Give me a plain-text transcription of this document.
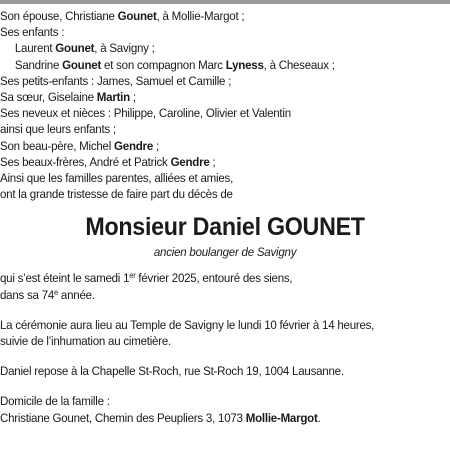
Son épouse, Christiane Gounet, à Mollie-Margot ;
Ses enfants :
Laurent Gounet, à Savigny ;
Sandrine Gounet et son compagnon Marc Lyness, à Cheseaux ;
Ses petits-enfants : James, Samuel et Camille ;
Sa sœur, Giselaine Martin ;
Ses neveux et nièces : Philippe, Caroline, Olivier et Valentin
ainsi que leurs enfants ;
Son beau-père, Michel Gendre ;
Ses beaux-frères, André et Patrick Gendre ;
Ainsi que les familles parentes, alliées et amies,
ont la grande tristesse de faire part du décès de
Monsieur Daniel GOUNET
ancien boulanger de Savigny
qui s’est éteint le samedi 1er février 2025, entouré des siens,
dans sa 74e année.
La cérémonie aura lieu au Temple de Savigny le lundi 10 février à 14 heures,
suivie de l’inhumation au cimetière.
Daniel repose à la Chapelle St-Roch, rue St-Roch 19, 1004 Lausanne.
Domicile de la famille :
Christiane Gounet, Chemin des Peupliers 3, 1073 Mollie-Margot.
